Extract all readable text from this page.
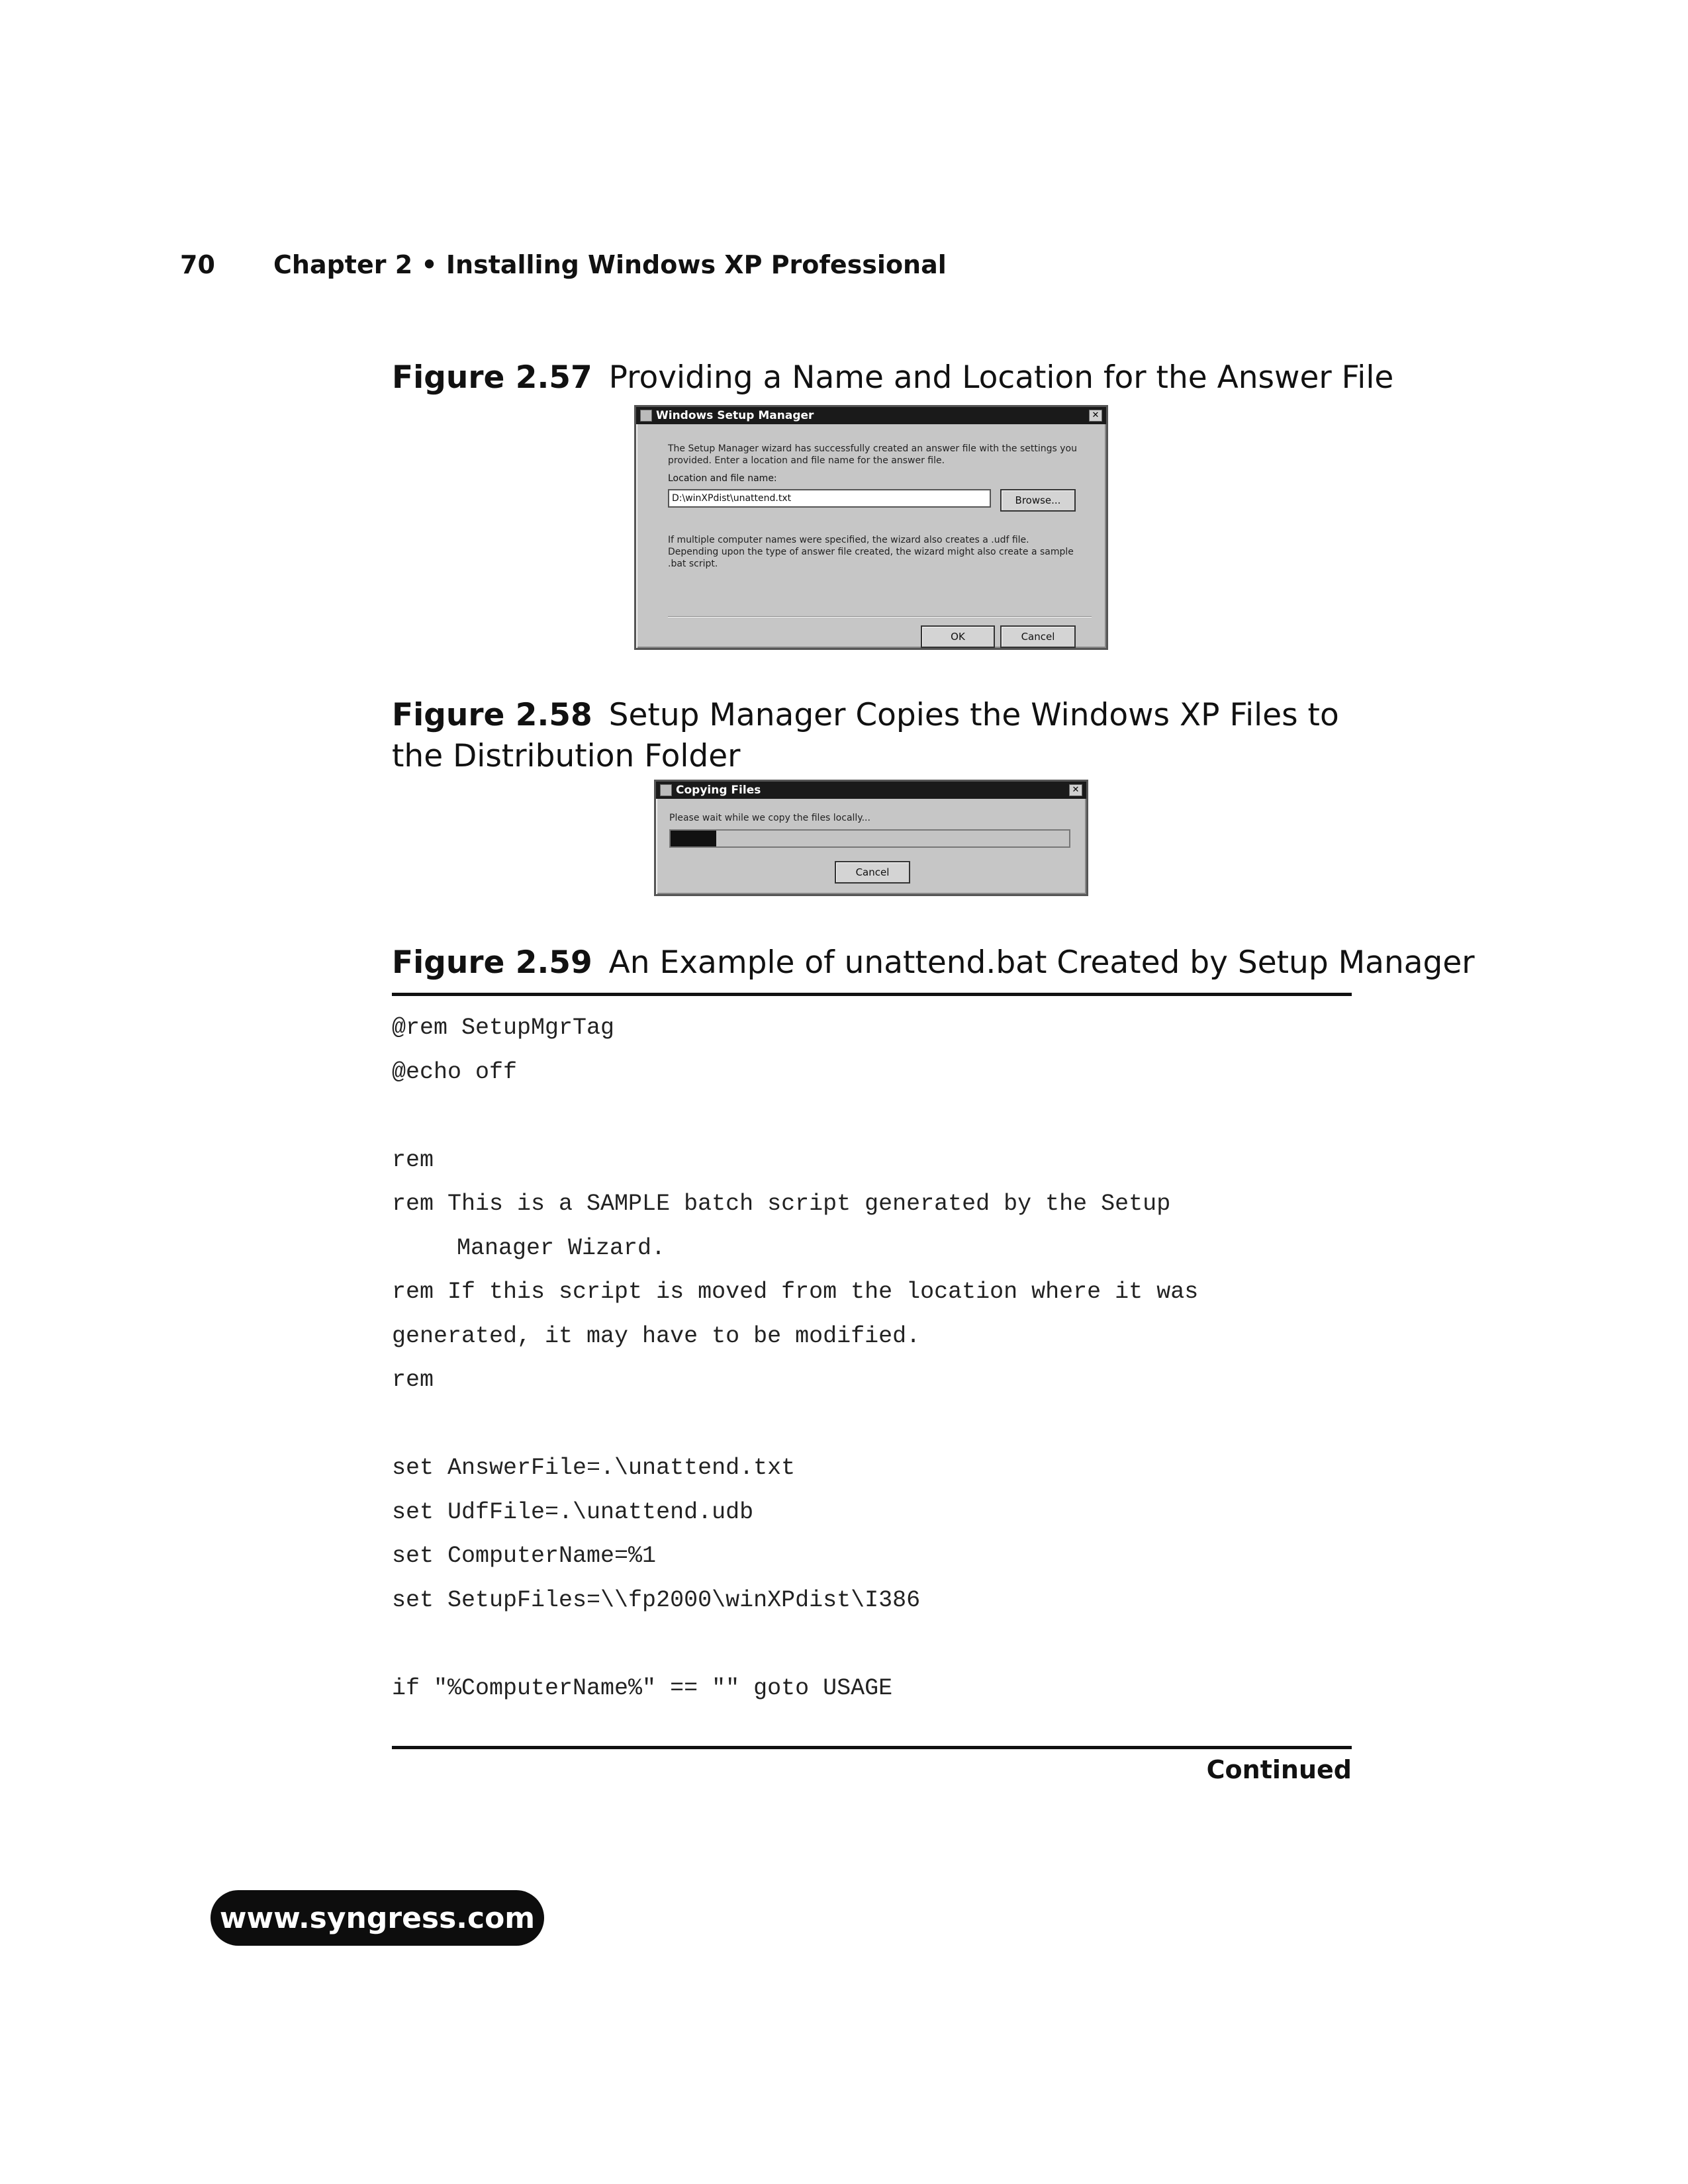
70 Chapter 2 • Installing Windows XP Professional
Figure 2.57 Providing a Name and Location for the Answer File
Windows Setup Manager	✕
The Setup Manager wizard has successfully created an answer file with the settings you provided. Enter a location and file name for the answer file.
Location and file name:
D:\winXPdist\unattend.txt
Browse...
If multiple computer names were specified, the wizard also creates a .udf file. Depending upon the type of answer file created, the wizard might also create a sample .bat script.
OK	Cancel
Figure 2.58 Setup Manager Copies the Windows XP Files to the Distribution Folder
Copying Files	✕
Please wait while we copy the files locally...
Cancel
Figure 2.59 An Example of unattend.bat Created by Setup Manager
@rem SetupMgrTag
@echo off
rem
rem This is a SAMPLE batch script generated by the Setup
Manager Wizard.
rem If this script is moved from the location where it was
generated, it may have to be modified.
rem
set AnswerFile=.\unattend.txt
set UdfFile=.\unattend.udb
set ComputerName=%1
set SetupFiles=\\fp2000\winXPdist\I386
if "%ComputerName%" == "" goto USAGE
Continued
www.syngress.com
